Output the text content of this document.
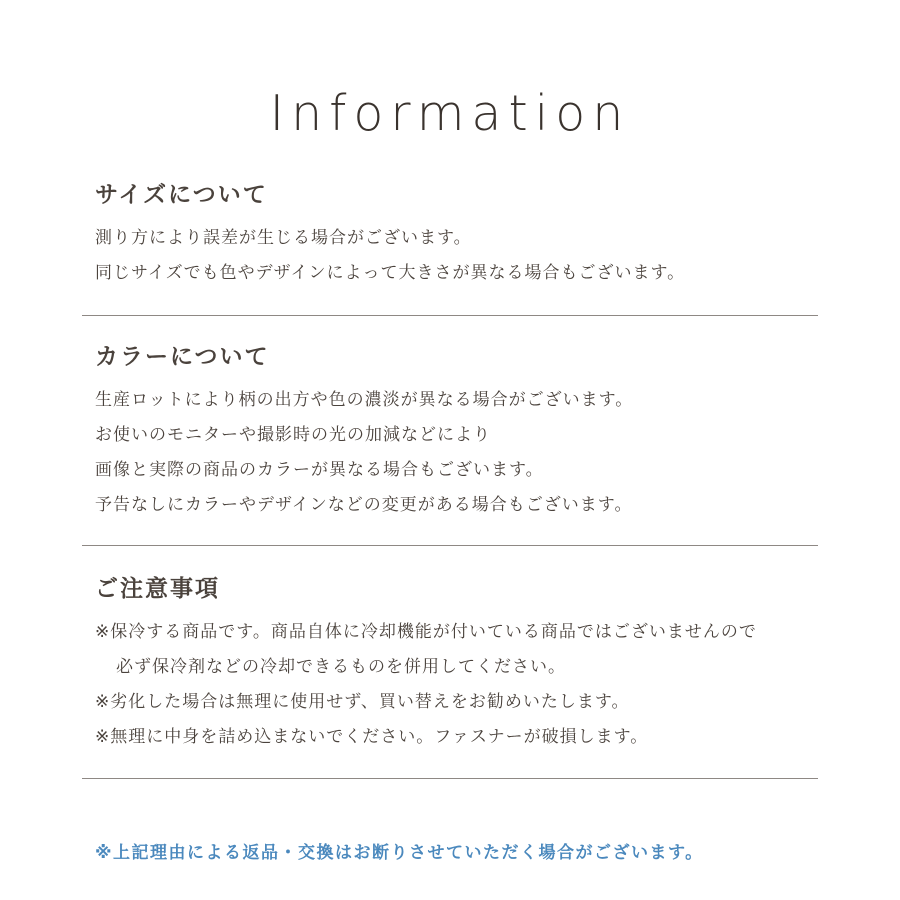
Information
サイズについて
測り方により誤差が生じる場合がございます。
同じサイズでも色やデザインによって大きさが異なる場合もございます。
カラーについて
生産ロットにより柄の出方や色の濃淡が異なる場合がございます。
お使いのモニターや撮影時の光の加減などにより
画像と実際の商品のカラーが異なる場合もございます。
予告なしにカラーやデザインなどの変更がある場合もございます。
ご注意事項
※保冷する商品です。商品自体に冷却機能が付いている商品ではございませんので
必ず保冷剤などの冷却できるものを併用してください。
※劣化した場合は無理に使用せず、買い替えをお勧めいたします。
※無理に中身を詰め込まないでください。ファスナーが破損します。

※上記理由による返品・交換はお断りさせていただく場合がございます。
